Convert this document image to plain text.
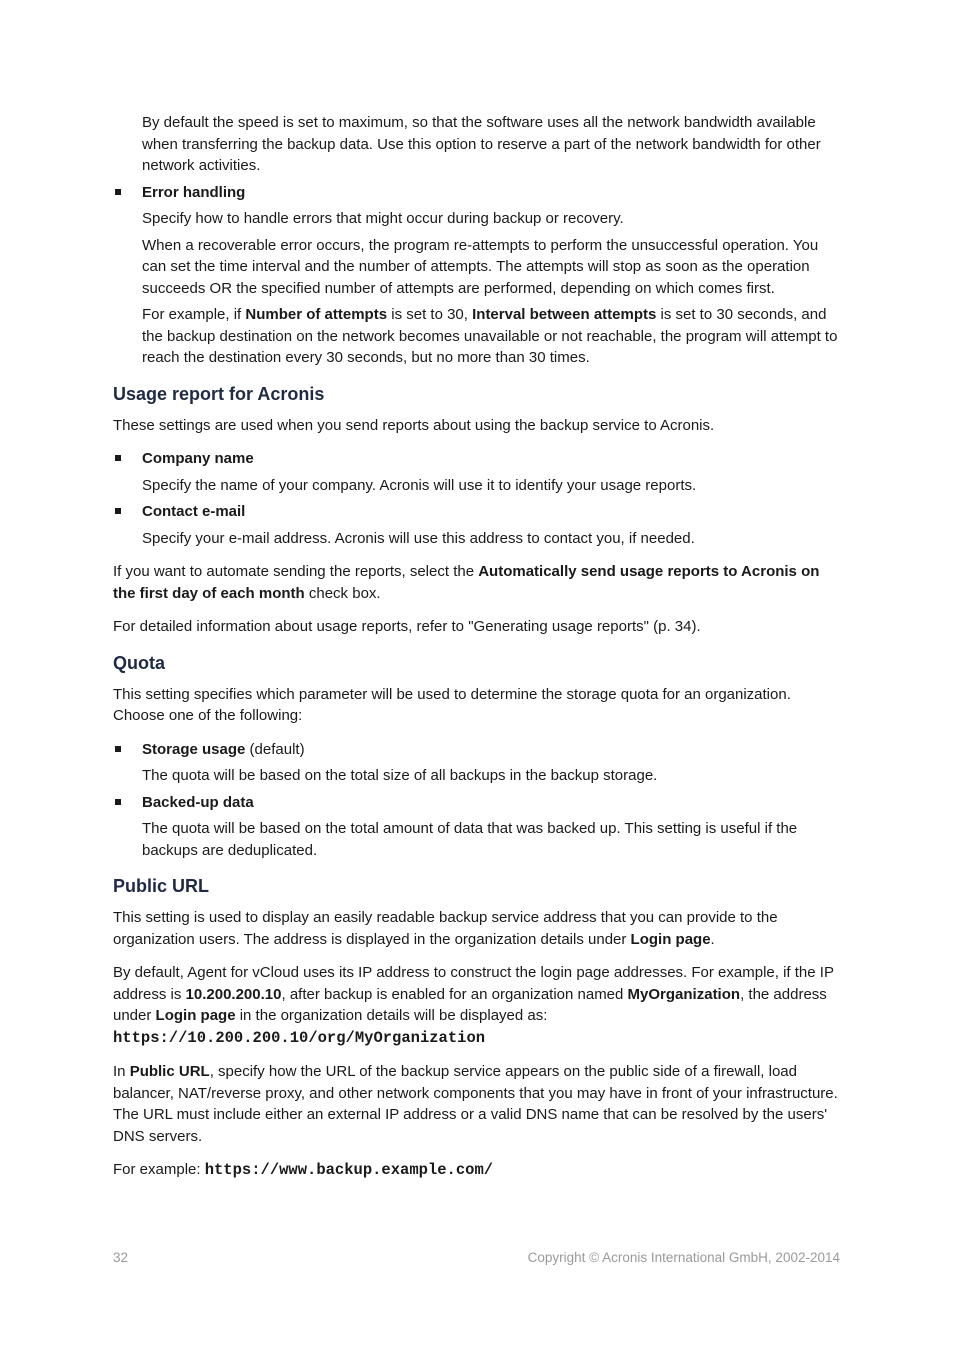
By default the speed is set to maximum, so that the software uses all the network bandwidth available when transferring the backup data. Use this option to reserve a part of the network bandwidth for other network activities.

Error handling

Specify how to handle errors that might occur during backup or recovery.

When a recoverable error occurs, the program re-attempts to perform the unsuccessful operation. You can set the time interval and the number of attempts. The attempts will stop as soon as the operation succeeds OR the specified number of attempts are performed, depending on which comes first.

For example, if Number of attempts is set to 30, Interval between attempts is set to 30 seconds, and the backup destination on the network becomes unavailable or not reachable, the program will attempt to reach the destination every 30 seconds, but no more than 30 times.

Usage report for Acronis

These settings are used when you send reports about using the backup service to Acronis.

Company name

Specify the name of your company. Acronis will use it to identify your usage reports.

Contact e-mail

Specify your e-mail address. Acronis will use this address to contact you, if needed.

If you want to automate sending the reports, select the Automatically send usage reports to Acronis on the first day of each month check box.

For detailed information about usage reports, refer to "Generating usage reports" (p. 34).

Quota

This setting specifies which parameter will be used to determine the storage quota for an organization. Choose one of the following:

Storage usage (default)

The quota will be based on the total size of all backups in the backup storage.

Backed-up data

The quota will be based on the total amount of data that was backed up. This setting is useful if the backups are deduplicated.

Public URL

This setting is used to display an easily readable backup service address that you can provide to the organization users. The address is displayed in the organization details under Login page.

By default, Agent for vCloud uses its IP address to construct the login page addresses. For example, if the IP address is 10.200.200.10, after backup is enabled for an organization named MyOrganization, the address under Login page in the organization details will be displayed as:
https://10.200.200.10/org/MyOrganization

In Public URL, specify how the URL of the backup service appears on the public side of a firewall, load balancer, NAT/reverse proxy, and other network components that you may have in front of your infrastructure. The URL must include either an external IP address or a valid DNS name that can be resolved by the users' DNS servers.

For example: https://www.backup.example.com/

32	Copyright © Acronis International GmbH, 2002-2014
